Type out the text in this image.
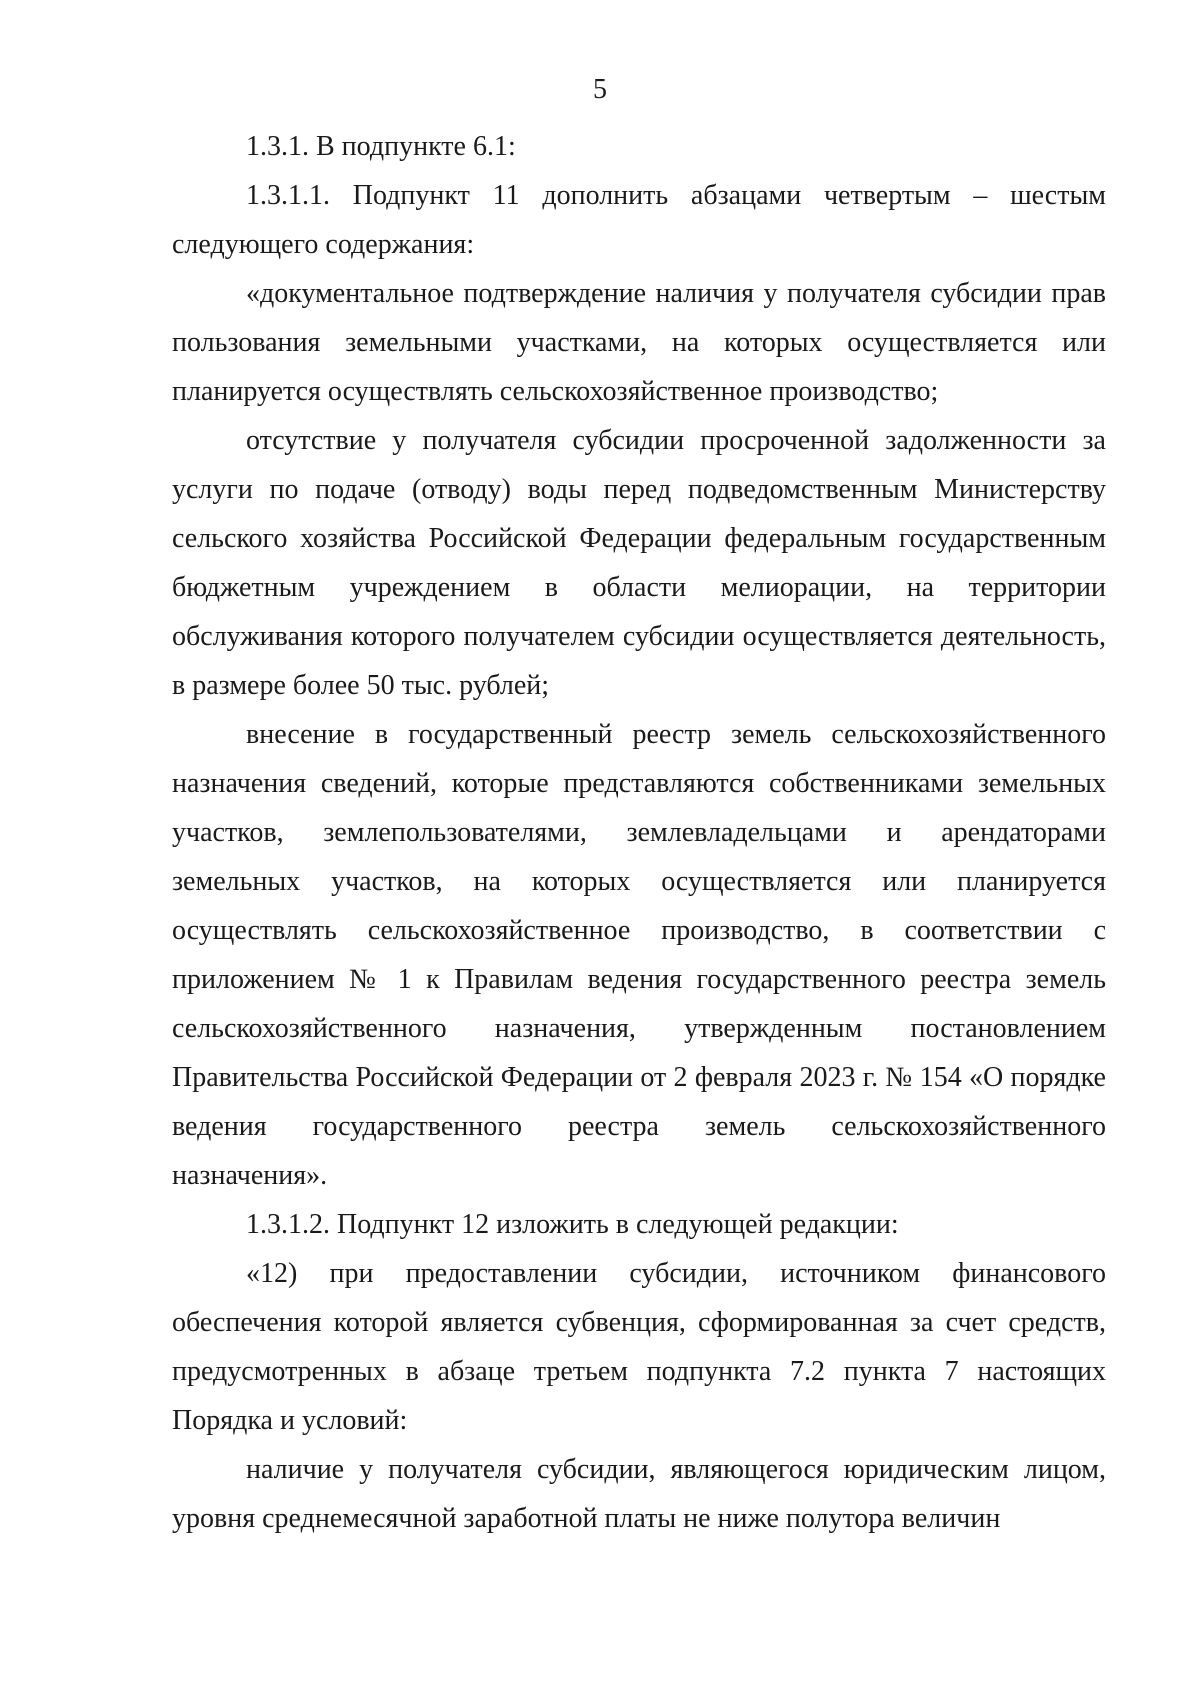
5

1.3.1. В подпункте 6.1:

1.3.1.1. Подпункт 11 дополнить абзацами четвертым – шестым следующего содержания:

«документальное подтверждение наличия у получателя субсидии прав пользования земельными участками, на которых осуществляется или планируется осуществлять сельскохозяйственное производство;

отсутствие у получателя субсидии просроченной задолженности за услуги по подаче (отводу) воды перед подведомственным Министерству сельского хозяйства Российской Федерации федеральным государственным бюджетным учреждением в области мелиорации, на территории обслуживания которого получателем субсидии осуществляется деятельность, в размере более 50 тыс. рублей;

внесение в государственный реестр земель сельскохозяйственного назначения сведений, которые представляются собственниками земельных участков, землепользователями, землевладельцами и арендаторами земельных участков, на которых осуществляется или планируется осуществлять сельскохозяйственное производство, в соответствии с приложением № 1 к Правилам ведения государственного реестра земель сельскохозяйственного назначения, утвержденным постановлением Правительства Российской Федерации от 2 февраля 2023 г. № 154 «О порядке ведения государственного реестра земель сельскохозяйственного назначения».

1.3.1.2. Подпункт 12 изложить в следующей редакции:

«12) при предоставлении субсидии, источником финансового обеспечения которой является субвенция, сформированная за счет средств, предусмотренных в абзаце третьем подпункта 7.2 пункта 7 настоящих Порядка и условий:

наличие у получателя субсидии, являющегося юридическим лицом, уровня среднемесячной заработной платы не ниже полутора величин
